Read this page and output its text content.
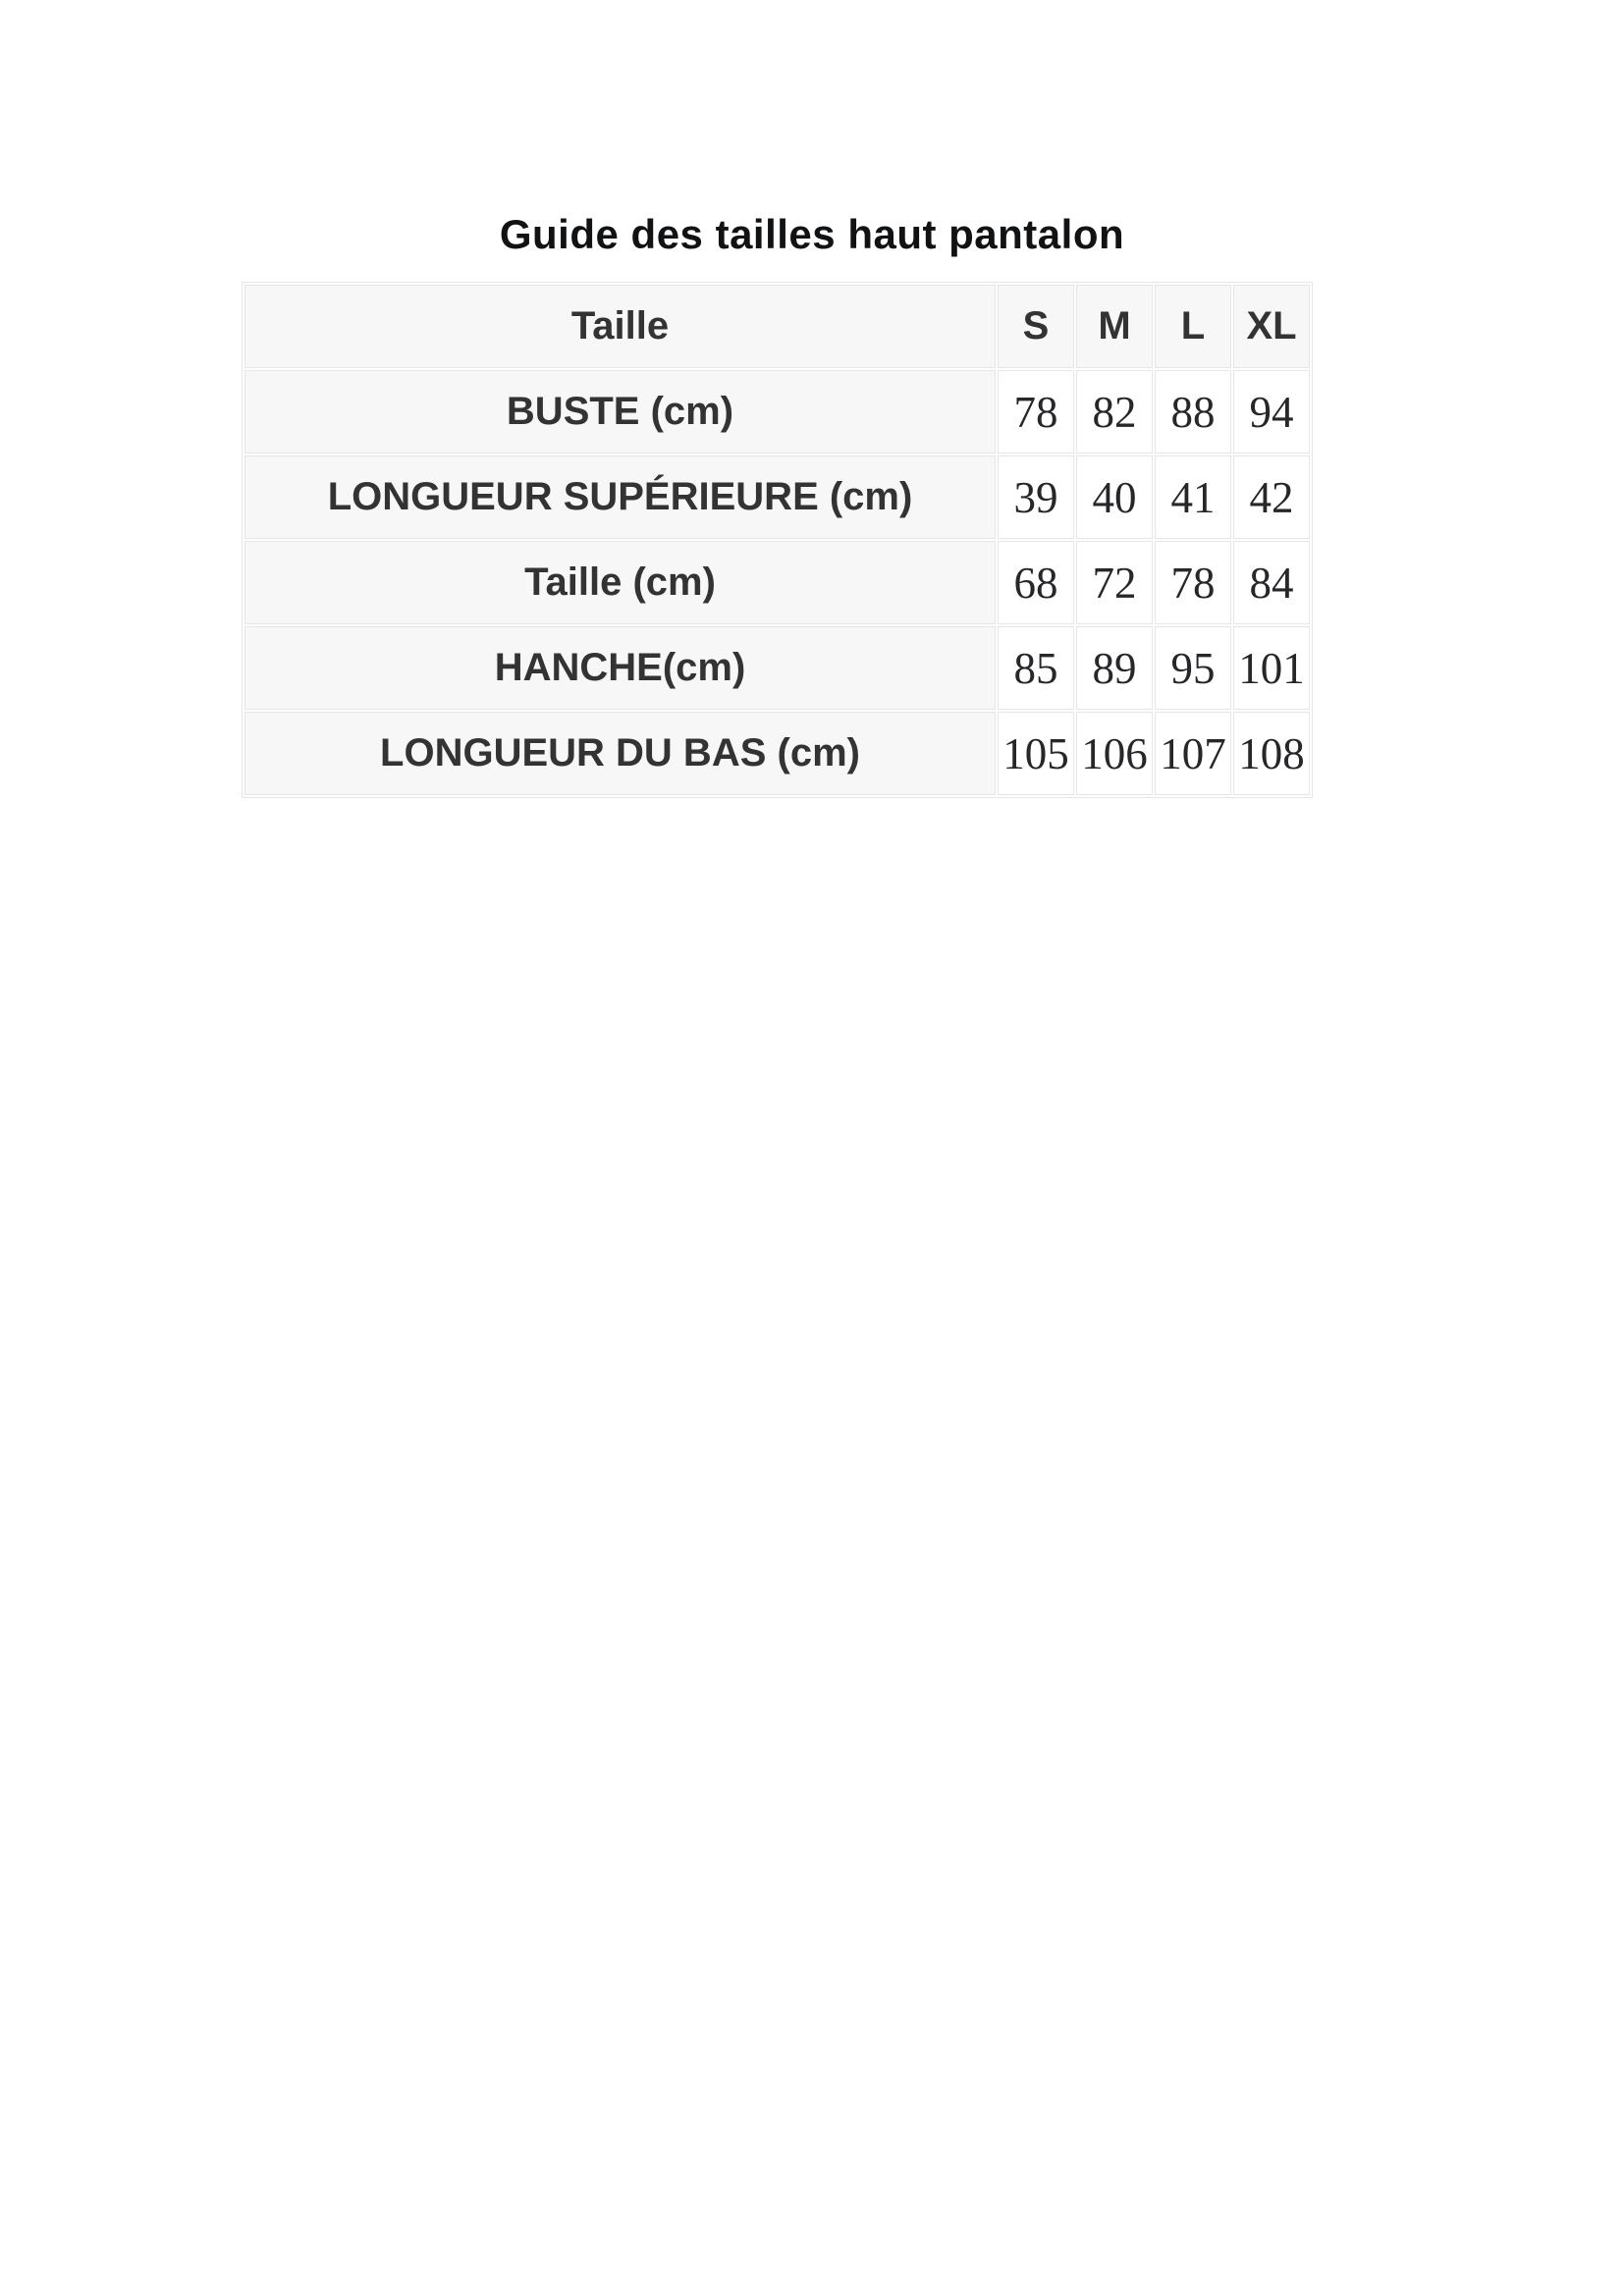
Guide des tailles haut pantalon
Taille	S	M	L	XL
BUSTE (cm)	78	82	88	94
LONGUEUR SUPÉRIEURE (cm)	39	40	41	42
Taille (cm)	68	72	78	84
HANCHE(cm)	85	89	95	101
LONGUEUR DU BAS (cm)	105	106	107	108
